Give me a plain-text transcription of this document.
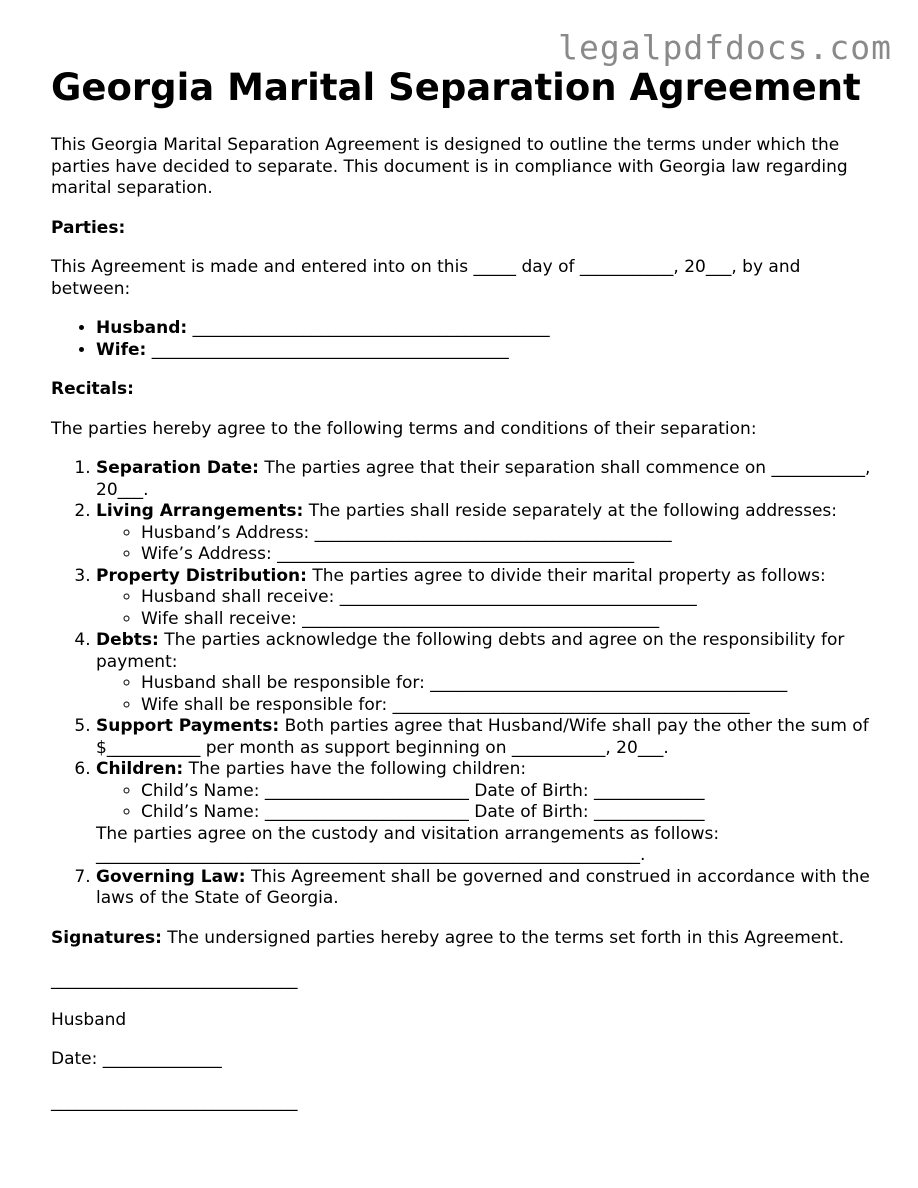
legalpdfdocs.com
Georgia Marital Separation Agreement

This Georgia Marital Separation Agreement is designed to outline the terms under which the parties have decided to separate. This document is in compliance with Georgia law regarding marital separation.

Parties:

This Agreement is made and entered into on this _____ day of ___________, 20___, by and between:

• Husband: __________________________________________
• Wife: __________________________________________

Recitals:

The parties hereby agree to the following terms and conditions of their separation:

1. Separation Date: The parties agree that their separation shall commence on ___________, 20___.
2. Living Arrangements: The parties shall reside separately at the following addresses:
◦ Husband’s Address: __________________________________________
◦ Wife’s Address: __________________________________________
3. Property Distribution: The parties agree to divide their marital property as follows:
◦ Husband shall receive: __________________________________________
◦ Wife shall receive: __________________________________________
4. Debts: The parties acknowledge the following debts and agree on the responsibility for payment:
◦ Husband shall be responsible for: __________________________________________
◦ Wife shall be responsible for: __________________________________________
5. Support Payments: Both parties agree that Husband/Wife shall pay the other the sum of $___________ per month as support beginning on ___________, 20___.
6. Children: The parties have the following children:
◦ Child’s Name: ________________________ Date of Birth: _____________
◦ Child’s Name: ________________________ Date of Birth: _____________
The parties agree on the custody and visitation arrangements as follows: ________________________________________________________________.
7. Governing Law: This Agreement shall be governed and construed in accordance with the laws of the State of Georgia.

Signatures: The undersigned parties hereby agree to the terms set forth in this Agreement.

_____________________________

Husband

Date: ______________

_____________________________
